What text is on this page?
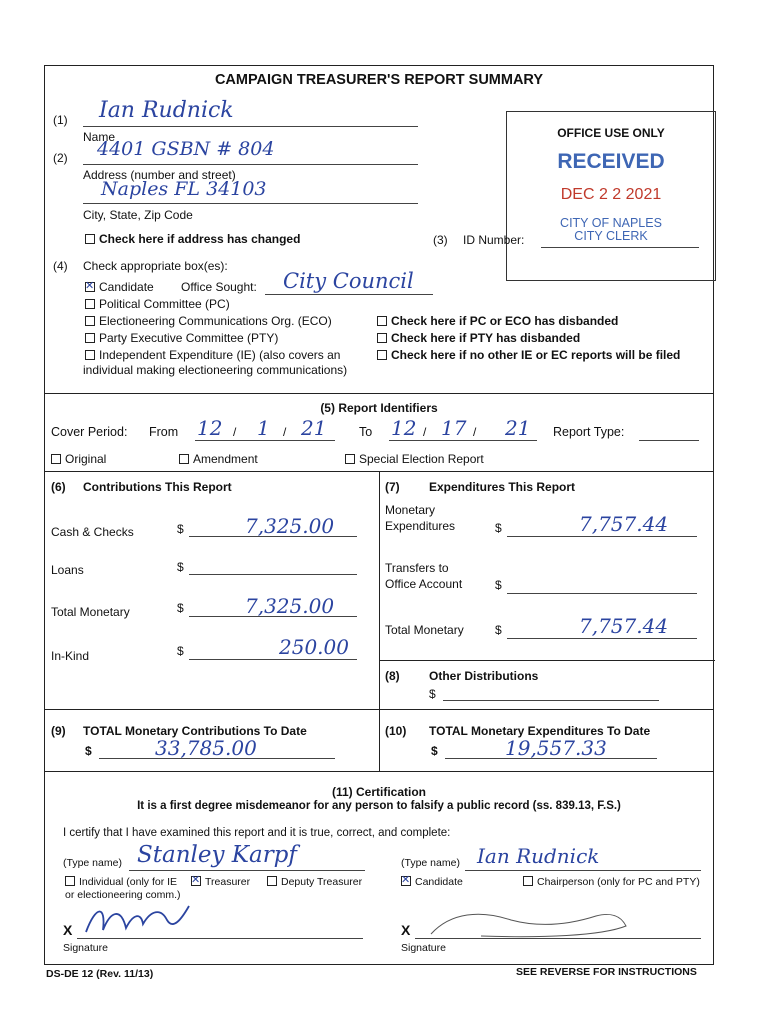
CAMPAIGN TREASURER'S REPORT SUMMARY
(1) Ian Rudnick
Name
(2) 4401 GSBN # 804
Address (number and street)
Naples FL 34103
City, State, Zip Code
Check here if address has changed
OFFICE USE ONLY
RECEIVED
DEC 2 2 2021
CITY OF NAPLES
CITY CLERK
(3) ID Number:
(4) Check appropriate box(es):
✕Candidate Office Sought: City Council
Political Committee (PC)
Electioneering Communications Org. (ECO)
Party Executive Committee (PTY)
Independent Expenditure (IE) (also covers an
individual making electioneering communications)
Check here if PC or ECO has disbanded
Check here if PTY has disbanded
Check here if no other IE or EC reports will be filed
(5) Report Identifiers
Cover Period: From 12 / 1 / 21	To 12 / 17 / 21 Report Type:
Original	Amendment	Special Election Report
(6) Contributions This Report
Cash & Checks	$	7,325.00
Loans	$
Total Monetary	$	7,325.00
In-Kind	$	250.00
(7) Expenditures This Report
Monetary
Expenditures	$	7,757.44
Transfers to
Office Account	$
Total Monetary	$	7,757.44
(8) Other Distributions
$
(9) TOTAL Monetary Contributions To Date
$	33,785.00
(10) TOTAL Monetary Expenditures To Date
$	19,557.33
(11) Certification
It is a first degree misdemeanor for any person to falsify a public record (ss. 839.13, F.S.)
I certify that I have examined this report and it is true, correct, and complete:
(Type name) Stanley Karpf
Individual (only for IE
or electioneering comm.)
✕Treasurer	Deputy Treasurer
(Type name) Ian Rudnick
✕Candidate	Chairperson (only for PC and PTY)
X
Signature
X
Signature
DS-DE 12 (Rev. 11/13)	SEE REVERSE FOR INSTRUCTIONS
